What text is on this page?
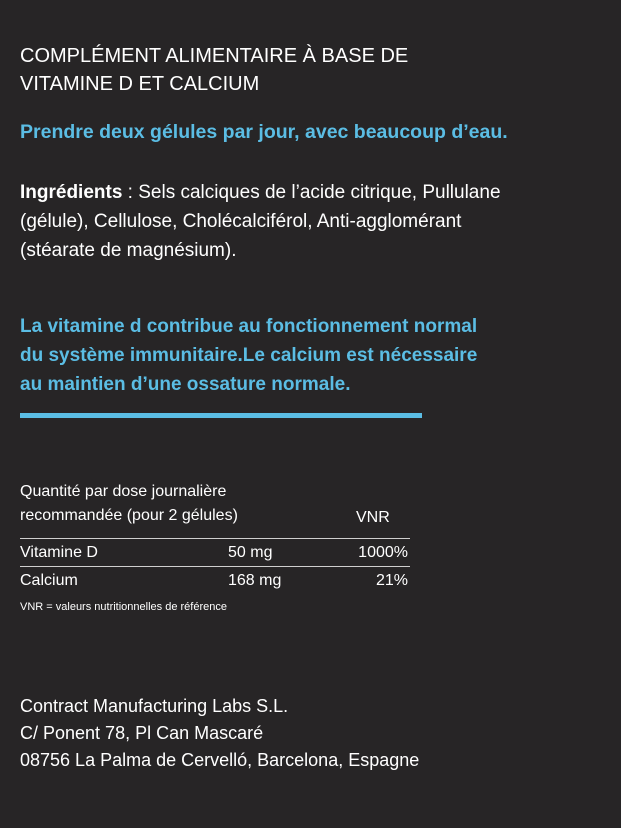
COMPLÉMENT ALIMENTAIRE À BASE DE
VITAMINE D ET CALCIUM
Prendre deux gélules par jour, avec beaucoup d’eau.
Ingrédients : Sels calciques de l’acide citrique, Pullulane
(gélule), Cellulose, Cholécalciférol, Anti-agglomérant
(stéarate de magnésium).
La vitamine d contribue au fonctionnement normal
du système immunitaire.Le calcium est nécessaire
au maintien d’une ossature normale.
Quantité par dose journalière
recommandée (pour 2 gélules)	VNR
Vitamine D	50 mg	1000%
Calcium	168 mg	21%
VNR = valeurs nutritionnelles de référence
Contract Manufacturing Labs S.L.
C/ Ponent 78, Pl Can Mascaré
08756 La Palma de Cervelló, Barcelona, Espagne
